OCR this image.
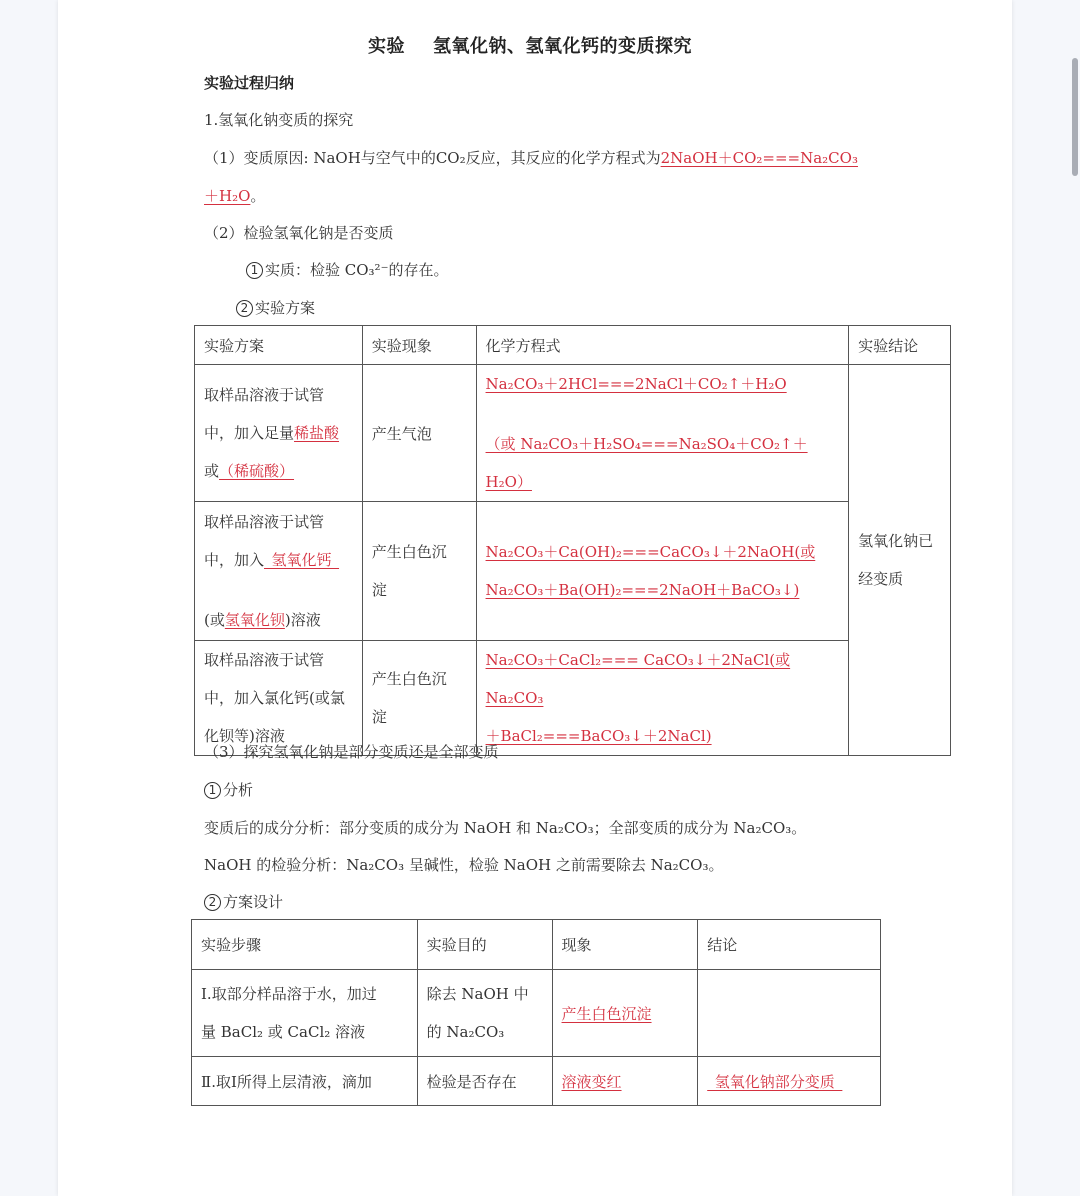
实验 氢氧化钠、氢氧化钙的变质探究
实验过程归纳
1.氢氧化钠变质的探究
（1）变质原因: NaOH与空气中的CO₂反应，其反应的化学方程式为2NaOH＋CO₂===Na₂CO₃
＋H₂O。
（2）检验氢氧化钠是否变质
1 实质：检验 CO₃²⁻的存在。
2 实验方案
实验方案	实验现象	化学方程式	实验结论

取样品溶液于试管
中，加入足量稀盐酸
或（稀硫酸）	产生气泡	Na₂CO₃＋2HCl===2NaCl＋CO₂↑＋H₂O
（或 Na₂CO₃＋H₂SO₄===Na₂SO₄＋CO₂↑＋H₂O）	氢氧化钠已
经变质

取样品溶液于试管
中，加入_氢氧化钙_
(或氢氧化钡)溶液	产生白色沉
淀	Na₂CO₃＋Ca(OH)₂===CaCO₃↓＋2NaOH(或
Na₂CO₃＋Ba(OH)₂===2NaOH＋BaCO₃↓)	

取样品溶液于试管
中，加入氯化钙(或氯
化钡等)溶液	产生白色沉
淀	Na₂CO₃＋CaCl₂=== CaCO₃↓＋2NaCl(或 Na₂CO₃
＋BaCl₂===BaCO₃↓＋2NaCl)	
（3）探究氢氧化钠是部分变质还是全部变质
1 分析
变质后的成分分析：部分变质的成分为 NaOH 和 Na₂CO₃；全部变质的成分为 Na₂CO₃。
NaOH 的检验分析：Na₂CO₃ 呈碱性，检验 NaOH 之前需要除去 Na₂CO₃。
2 方案设计
实验步骤	实验目的	现象	结论

Ⅰ.取部分样品溶于水，加过
量 BaCl₂ 或 CaCl₂ 溶液	除去 NaOH 中
的 Na₂CO₃	产生白色沉淀	
Ⅱ.取Ⅰ所得上层清液，滴加	检验是否存在	溶液变红	_氢氧化钠部分变质_
